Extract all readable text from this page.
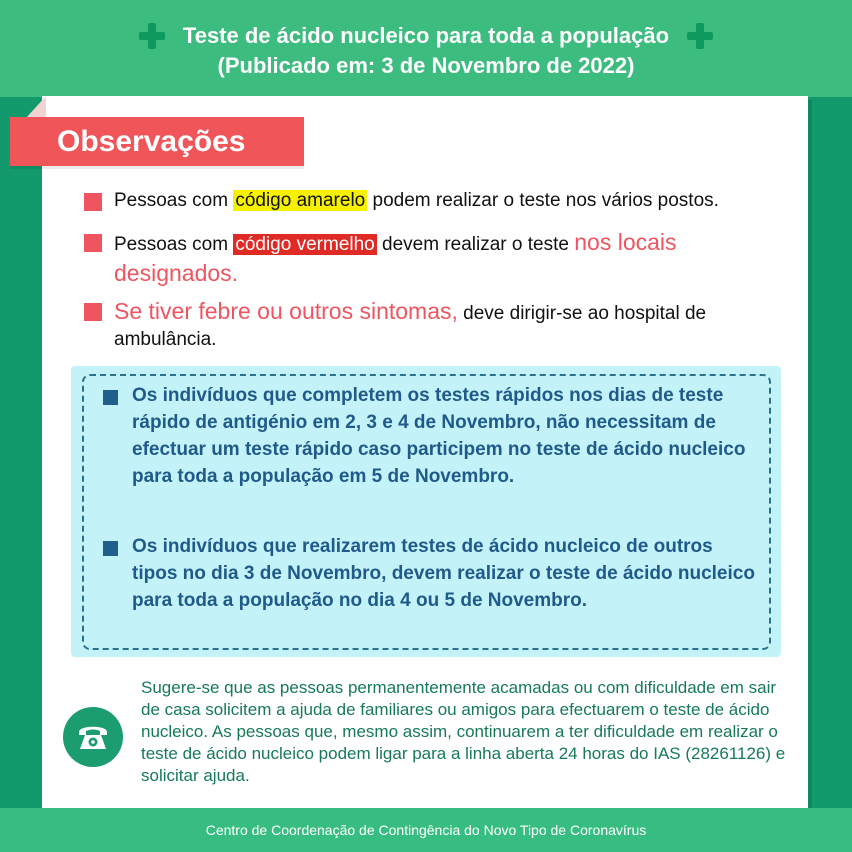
Teste de ácido nucleico para toda a população
(Publicado em: 3 de Novembro de 2022)
Observações
Pessoas com código amarelo podem realizar o teste nos vários postos.
Pessoas com código vermelho devem realizar o teste nos locais designados.
Se tiver febre ou outros sintomas, deve dirigir-se ao hospital de ambulância.
Os indivíduos que completem os testes rápidos nos dias de teste rápido de antigénio em 2, 3 e 4 de Novembro, não necessitam de efectuar um teste rápido caso participem no teste de ácido nucleico para toda a população em 5 de Novembro.
Os indivíduos que realizarem testes de ácido nucleico de outros tipos no dia 3 de Novembro, devem realizar o teste de ácido nucleico para toda a população no dia 4 ou 5 de Novembro.
Sugere-se que as pessoas permanentemente acamadas ou com dificuldade em sair de casa solicitem a ajuda de familiares ou amigos para efectuarem o teste de ácido nucleico. As pessoas que, mesmo assim, continuarem a ter dificuldade em realizar o teste de ácido nucleico podem ligar para a linha aberta 24 horas do IAS (28261126) e solicitar ajuda.
Centro de Coordenação de Contingência do Novo Tipo de Coronavírus
